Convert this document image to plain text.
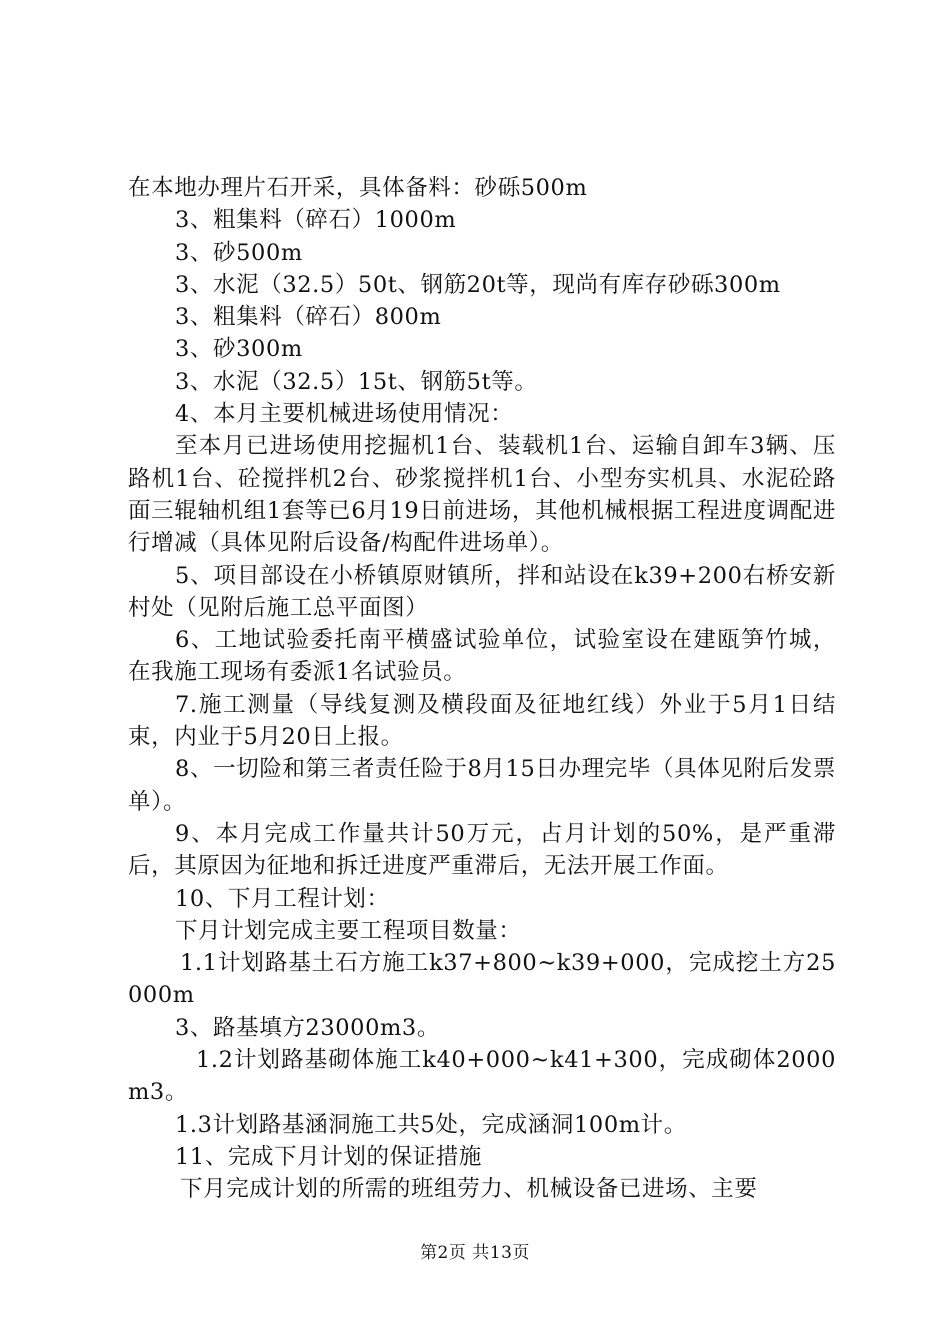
在本地办理片石开采，具体备料：砂砾500m

3、粗集料（碎石）1000m

3、砂500m

3、水泥（32.5）50t、钢筋20t等，现尚有库存砂砾300m

3、粗集料（碎石）800m

3、砂300m

3、水泥（32.5）15t、钢筋5t等。

4、本月主要机械进场使用情况：

至本月已进场使用挖掘机1台、装载机1台、运输自卸车3辆、压路机1台、砼搅拌机2台、砂浆搅拌机1台、小型夯实机具、水泥砼路面三辊轴机组1套等已6月19日前进场，其他机械根据工程进度调配进行增减（具体见附后设备/构配件进场单）。

5、项目部设在小桥镇原财镇所，拌和站设在k39+200右桥安新村处（见附后施工总平面图）

6、工地试验委托南平横盛试验单位，试验室设在建瓯笋竹城，在我施工现场有委派1名试验员。

7.施工测量（导线复测及横段面及征地红线）外业于5月1日结束，内业于5月20日上报。

8、一切险和第三者责任险于8月15日办理完毕（具体见附后发票单）。

9、本月完成工作量共计50万元，占月计划的50%，是严重滞后，其原因为征地和拆迁进度严重滞后，无法开展工作面。

10、下月工程计划：

下月计划完成主要工程项目数量：

1.1计划路基土石方施工k37+800~k39+000，完成挖土方25000m

3、路基填方23000m3。

1.2计划路基砌体施工k40+000~k41+300，完成砌体2000m3。

1.3计划路基涵洞施工共5处，完成涵洞100m计。

11、完成下月计划的保证措施

下月完成计划的所需的班组劳力、机械设备已进场、主要

第2页 共13页
